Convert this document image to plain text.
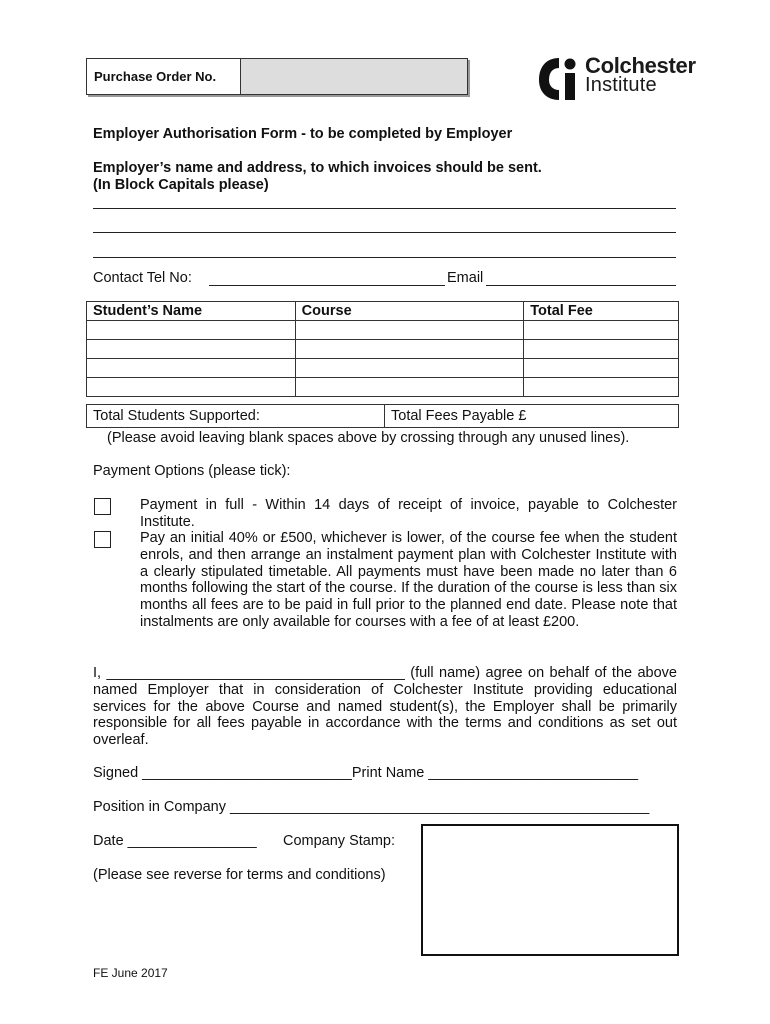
Purchase Order No.	Colchester
Institute
Employer Authorisation Form - to be completed by Employer
Employer’s name and address, to which invoices should be sent.
(In Block Capitals please)
Contact Tel No:	Email
Student’s Name	Course	Total Fee

Total Students Supported:	Total Fees Payable £
(Please avoid leaving blank spaces above by crossing through any unused lines).
Payment Options (please tick):
Payment in full - Within 14 days of receipt of invoice, payable to Colchester Institute.
Pay an initial 40% or £500, whichever is lower, of the course fee when the student enrols, and then arrange an instalment payment plan with Colchester Institute with a clearly stipulated timetable. All payments must have been made no later than 6 months following the start of the course. If the duration of the course is less than six months all fees are to be paid in full prior to the planned end date. Please note that instalments are only available for courses with a fee of at least £200.
I, _____________________________________ (full name) agree on behalf of the above named Employer that in consideration of Colchester Institute providing educational services for the above Course and named student(s), the Employer shall be primarily responsible for all fees payable in accordance with the terms and conditions as set out overleaf.
Signed __________________________Print Name __________________________
Position in Company ____________________________________________________
Date ________________ Company Stamp:
(Please see reverse for terms and conditions)
FE June 2017
